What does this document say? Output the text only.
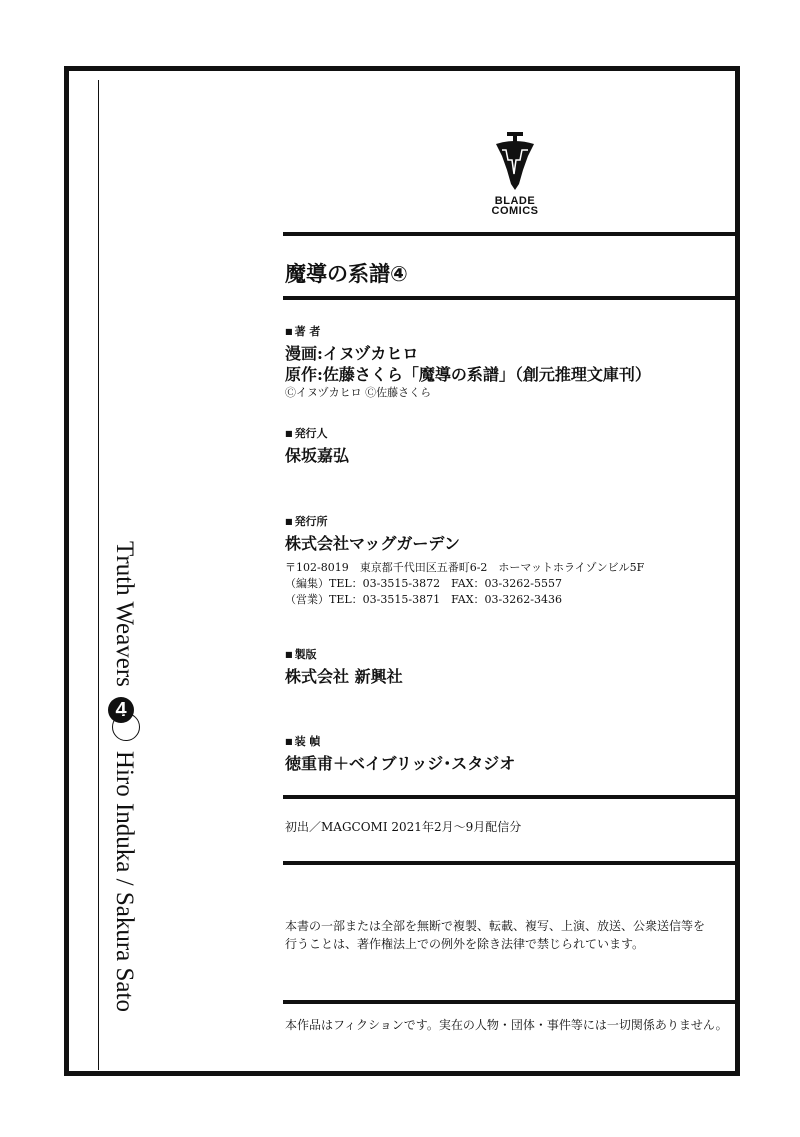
Truth Weavers
4
Hiro Induka / Sakura Sato
BLADE
COMICS
魔導の系譜④
■ 著 者
漫画:イヌヅカヒロ
原作:佐藤さくら「魔導の系譜」（創元推理文庫刊）
Ⓒイヌヅカヒロ Ⓒ佐藤さくら
■ 発行人
保坂嘉弘
■ 発行所
株式会社マッグガーデン
〒102-8019　東京都千代田区五番町6-2　ホーマットホライゾンビル5F
（編集）TEL：03-3515-3872　FAX：03-3262-5557
（営業）TEL：03-3515-3871　FAX：03-3262-3436
■ 製版
株式会社 新興社
■ 装 幀
徳重甫＋ベイブリッジ･スタジオ
初出／MAGCOMI 2021年2月～9月配信分
本書の一部または全部を無断で複製、転載、複写、上演、放送、公衆送信等を
行うことは、著作権法上での例外を除き法律で禁じられています。
本作品はフィクションです。実在の人物・団体・事件等には一切関係ありません。
